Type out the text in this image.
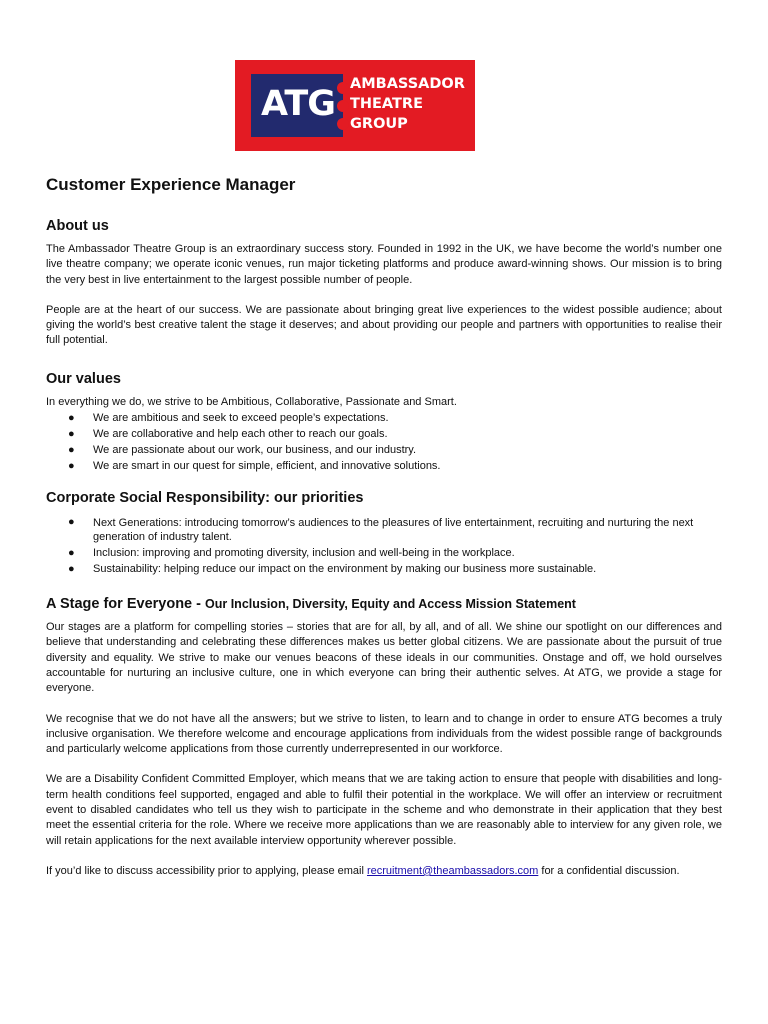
ATG	AMBASSADOR
THEATRE
GROUP
Customer Experience Manager
About us

The Ambassador Theatre Group is an extraordinary success story. Founded in 1992 in the UK, we have become the world’s number one live theatre company; we operate iconic venues, run major ticketing platforms and produce award-winning shows. Our mission is to bring the very best in live entertainment to the largest possible number of people.

People are at the heart of our success. We are passionate about bringing great live experiences to the widest possible audience; about giving the world’s best creative talent the stage it deserves; and about providing our people and partners with opportunities to realise their full potential.

Our values

In everything we do, we strive to be Ambitious, Collaborative, Passionate and Smart.

● We are ambitious and seek to exceed people’s expectations.
● We are collaborative and help each other to reach our goals.
● We are passionate about our work, our business, and our industry.
● We are smart in our quest for simple, efficient, and innovative solutions.
Corporate Social Responsibility: our priorities
● Next Generations: introducing tomorrow’s audiences to the pleasures of live entertainment, recruiting and nurturing the next generation of industry talent.
● Inclusion: improving and promoting diversity, inclusion and well-being in the workplace.
● Sustainability: helping reduce our impact on the environment by making our business more sustainable.
A Stage for Everyone - Our Inclusion, Diversity, Equity and Access Mission Statement

Our stages are a platform for compelling stories – stories that are for all, by all, and of all. We shine our spotlight on our differences and believe that understanding and celebrating these differences makes us better global citizens. We are passionate about the pursuit of true diversity and equality. We strive to make our venues beacons of these ideals in our communities. Onstage and off, we hold ourselves accountable for nurturing an inclusive culture, one in which everyone can bring their authentic selves. At ATG, we provide a stage for everyone.

We recognise that we do not have all the answers; but we strive to listen, to learn and to change in order to ensure ATG becomes a truly inclusive organisation. We therefore welcome and encourage applications from individuals from the widest possible range of backgrounds and particularly welcome applications from those currently underrepresented in our workforce.

We are a Disability Confident Committed Employer, which means that we are taking action to ensure that people with disabilities and long-term health conditions feel supported, engaged and able to fulfil their potential in the workplace. We will offer an interview or recruitment event to disabled candidates who tell us they wish to participate in the scheme and who demonstrate in their application that they best meet the essential criteria for the role. Where we receive more applications than we are reasonably able to interview for any given role, we will retain applications for the next available interview opportunity wherever possible.

If you’d like to discuss accessibility prior to applying, please email recruitment@theambassadors.com for a confidential discussion.
